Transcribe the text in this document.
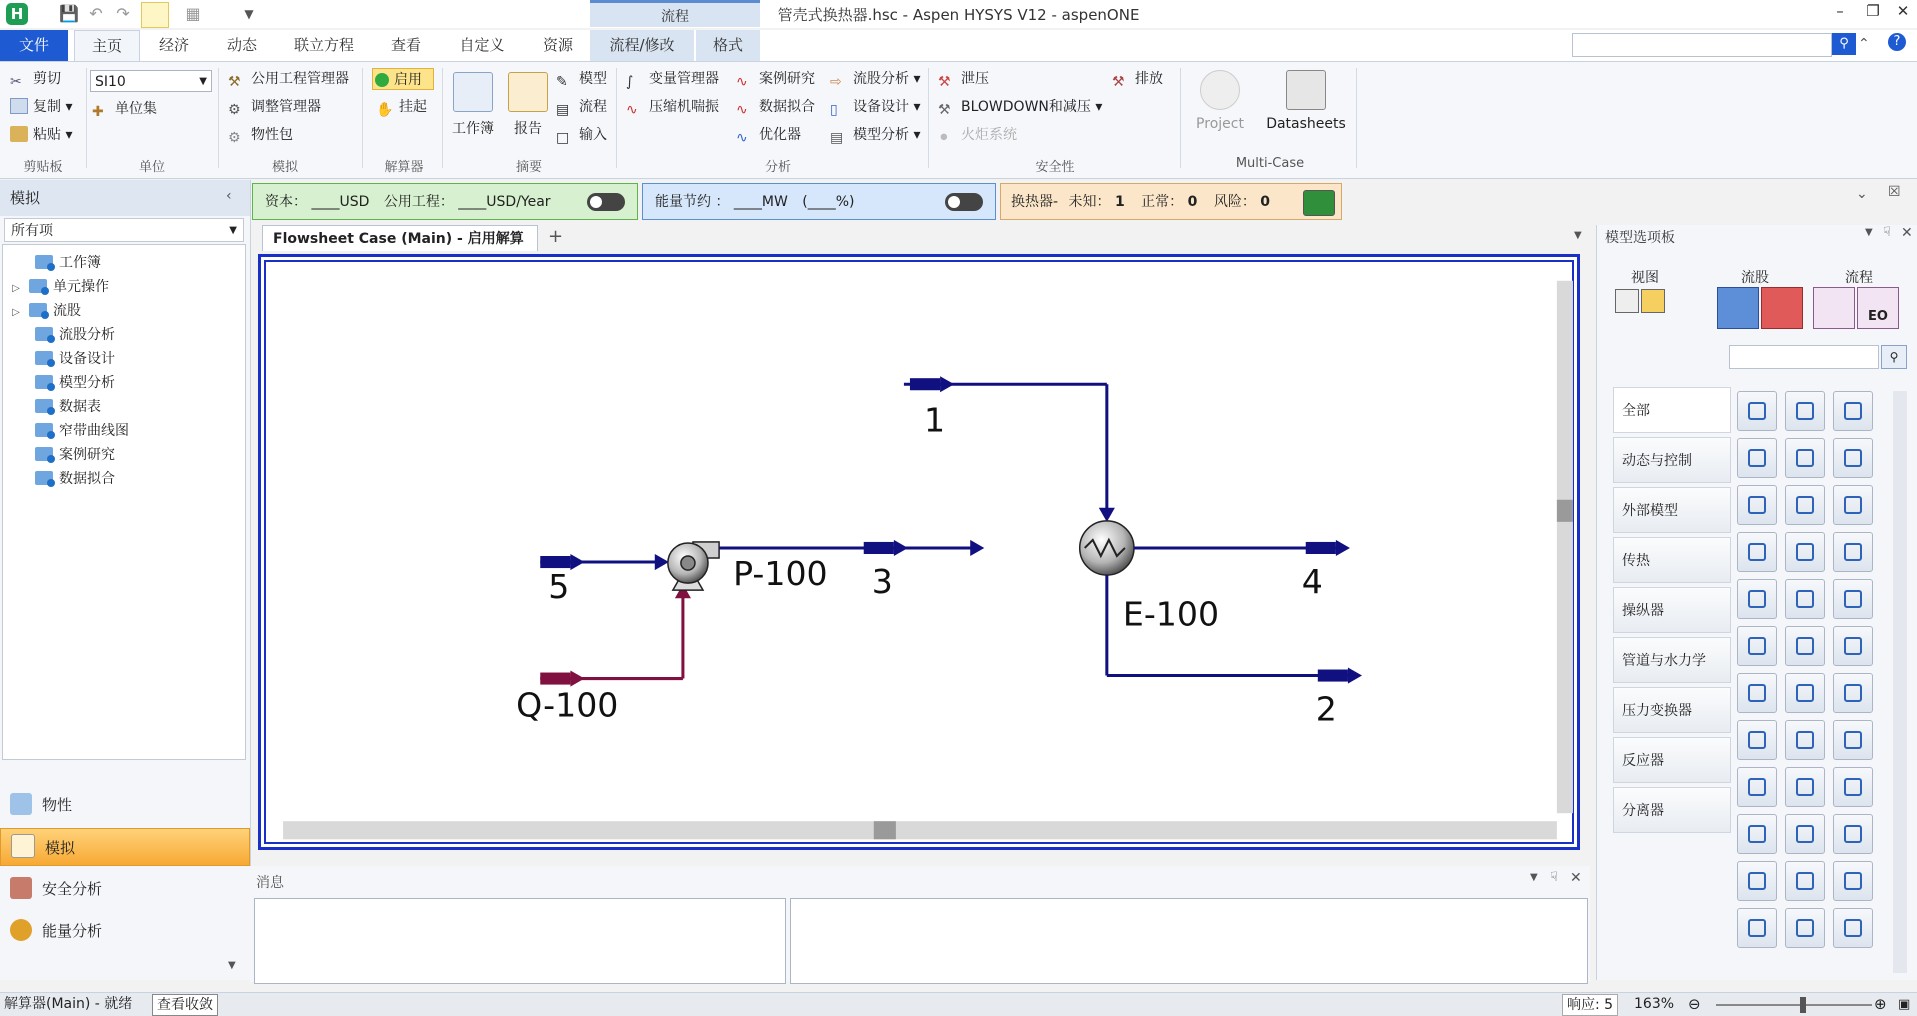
管壳式换热器.hsc - Aspen HYSYS V12 - aspenONE
H 💾 ↶ ↷	▦	▼	流程	–	❐	✕
文件	主页	经济	动态	联立方程	查看	自定义	资源	流程/修改	格式	⚲ ⌃	?
✂ 剪切
复制 ▾
粘贴 ▾
剪贴板
SI10	▼
✚ 单位集
单位
⚒ 公用工程管理器
⚙ 调整管理器
⚙ 物性包
模拟
启用
✋ 挂起
解算器
工作簿	报告
✎ 模型
▤ 流程
□ 输入
摘要
∫ 变量管理器
∿ 压缩机喘振
∿ 案例研究
∿ 数据拟合
∿ 优化器
⇨ 流股分析 ▾
▯ 设备设计 ▾
▤ 模型分析 ▾
分析
⚒ 泄压
⚒ BLOWDOWN和减压 ▾
⚫ 火炬系统
⚒ 排放
安全性
Project	Datasheets
Multi-Case
模拟	‹
所有项	▼
工作簿
▷ 单元操作
▷ 流股
流股分析
设备设计
模型分析
数据表
窄带曲线图
案例研究
数据拟合
物性
模拟
安全分析
能量分析
▼
资本： ____USD 公用工程： ____USD/Year	能量节约 ： ____MW (____%)	换热器- 未知： 1 正常： 0 风险： 0	⌄ ☒
Flowsheet Case (Main) - 启用解算	+	▼
1
5
Q-100
P-100 3
E-100
4
2
模型选项板	▼ ☟ ✕
视图	流股	流程
EO
⚲
全部
动态与控制
外部模型
传热
操纵器
管道与水力学
压力变换器
反应器
分离器
消息	▼ ☟ ✕
解算器(Main) - 就绪	查看收敛	响应: 5	163% ⊖	⊕ ▣
